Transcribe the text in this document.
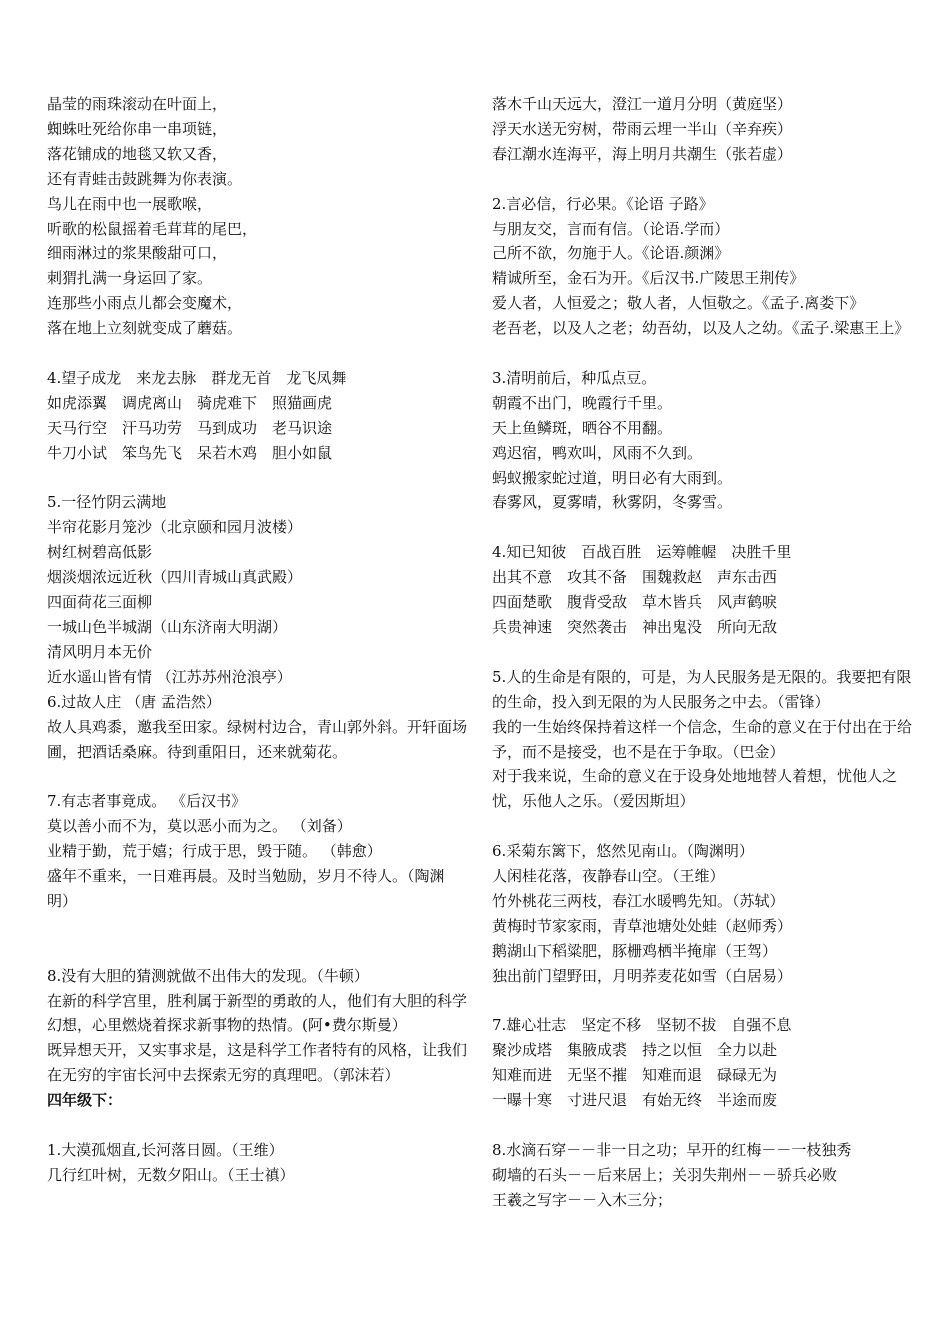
晶莹的雨珠滚动在叶面上，
蜘蛛吐死给你串一串项链，
落花铺成的地毯又软又香，
还有青蛙击鼓跳舞为你表演。
鸟儿在雨中也一展歌喉，
听歌的松鼠摇着毛茸茸的尾巴，
细雨淋过的浆果酸甜可口，
刺猬扎满一身运回了家。
连那些小雨点儿都会变魔术，
落在地上立刻就变成了蘑菇。
4.望子成龙　来龙去脉　群龙无首　龙飞凤舞
如虎添翼　调虎离山　骑虎难下　照猫画虎
天马行空　汗马功劳　马到成功　老马识途
牛刀小试　笨鸟先飞　呆若木鸡　胆小如鼠
5.一径竹阴云满地
半帘花影月笼沙（北京颐和园月波楼）
树红树碧高低影
烟淡烟浓远近秋（四川青城山真武殿）
四面荷花三面柳
一城山色半城湖（山东济南大明湖）
清风明月本无价
近水遥山皆有情 （江苏苏州沧浪亭）
6.过故人庄 （唐 孟浩然）
故人具鸡黍，邀我至田家。绿树村边合，青山郭外斜。开轩面场圃，把酒话桑麻。待到重阳日，还来就菊花。
7.有志者事竟成。 《后汉书》
莫以善小而不为，莫以恶小而为之。 （刘备）
业精于勤，荒于嬉；行成于思，毁于随。 （韩愈）
盛年不重来，一日难再晨。及时当勉励，岁月不待人。（陶渊明）
8.没有大胆的猜测就做不出伟大的发现。（牛顿）
在新的科学宫里，胜利属于新型的勇敢的人，他们有大胆的科学幻想，心里燃烧着探求新事物的热情。(阿•费尔斯曼）
既异想天开，又实事求是，这是科学工作者特有的风格，让我们在无穷的宇宙长河中去探索无穷的真理吧。（郭沫若）
四年级下：
1.大漠孤烟直,长河落日圆。（王维）
几行红叶树，无数夕阳山。（王士禛）
落木千山天远大，澄江一道月分明（黄庭坚）
浮天水送无穷树，带雨云埋一半山（辛弃疾）
春江潮水连海平，海上明月共潮生（张若虚）
2.言必信，行必果。《论语 子路》
与朋友交，言而有信。（论语.学而）
己所不欲，勿施于人。《论语.颜渊》
精诚所至，金石为开。《后汉书.广陵思王荆传》
爱人者，人恒爱之；敬人者，人恒敬之。《孟子.离娄下》
老吾老，以及人之老；幼吾幼，以及人之幼。《孟子.梁惠王上》
3.清明前后，种瓜点豆。
朝霞不出门，晚霞行千里。
天上鱼鳞斑，晒谷不用翻。
鸡迟宿，鸭欢叫，风雨不久到。
蚂蚁搬家蛇过道，明日必有大雨到。
春雾风，夏雾晴，秋雾阴，冬雾雪。
4.知已知彼　百战百胜　运筹帷幄　决胜千里
出其不意　攻其不备　围魏救赵　声东击西
四面楚歌　腹背受敌　草木皆兵　风声鹤唳
兵贵神速　突然袭击　神出鬼没　所向无敌
5.人的生命是有限的，可是，为人民服务是无限的。我要把有限的生命，投入到无限的为人民服务之中去。（雷锋）
我的一生始终保持着这样一个信念，生命的意义在于付出在于给予，而不是接受，也不是在于争取。（巴金）
对于我来说，生命的意义在于设身处地地替人着想，忧他人之忧，乐他人之乐。（爱因斯坦）
6.采菊东篱下，悠然见南山。（陶渊明）
人闲桂花落，夜静春山空。（王维）
竹外桃花三两枝，春江水暖鸭先知。（苏轼）
黄梅时节家家雨，青草池塘处处蛙（赵师秀）
鹅湖山下稻粱肥，豚栅鸡栖半掩扉（王驾）
独出前门望野田，月明荞麦花如雪（白居易）
7.雄心壮志　坚定不移　坚韧不拔　自强不息
聚沙成塔　集腋成裘　持之以恒　全力以赴
知难而进　无坚不摧　知难而退　碌碌无为
一曝十寒　寸进尺退　有始无终　半途而废
8.水滴石穿－－非一日之功；早开的红梅－－一枝独秀
砌墙的石头－－后来居上；关羽失荆州－－骄兵必败
王羲之写字－－入木三分；
